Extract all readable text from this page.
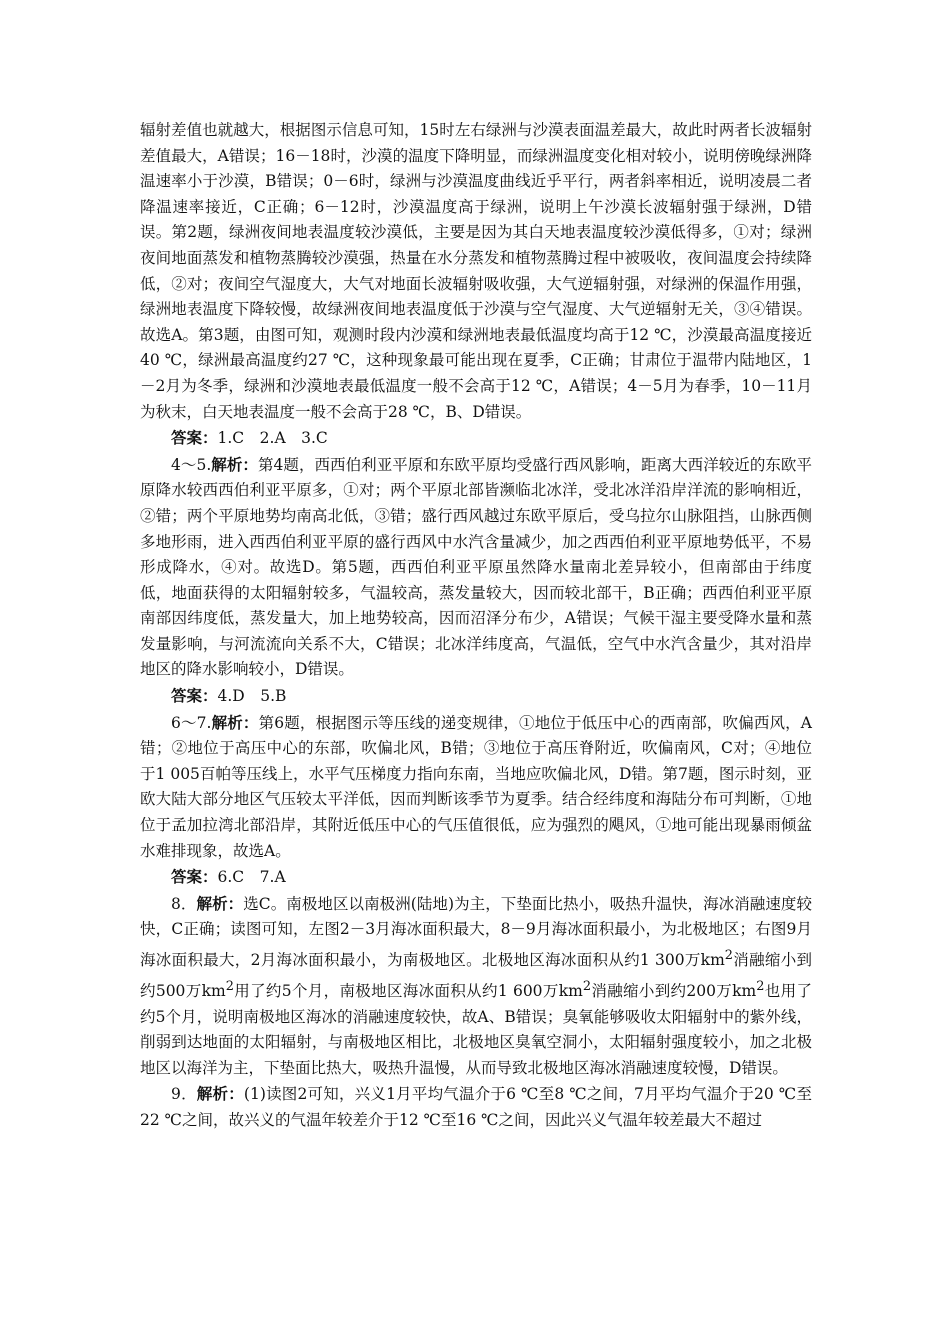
辐射差值也就越大，根据图示信息可知，15时左右绿洲与沙漠表面温差最大，故此时两者长波辐射差值最大，A错误；16－18时，沙漠的温度下降明显，而绿洲温度变化相对较小，说明傍晚绿洲降温速率小于沙漠，B错误；0－6时，绿洲与沙漠温度曲线近乎平行，两者斜率相近，说明凌晨二者降温速率接近，C正确；6－12时，沙漠温度高于绿洲，说明上午沙漠长波辐射强于绿洲，D错误。第2题，绿洲夜间地表温度较沙漠低，主要是因为其白天地表温度较沙漠低得多，①对；绿洲夜间地面蒸发和植物蒸腾较沙漠强，热量在水分蒸发和植物蒸腾过程中被吸收，夜间温度会持续降低，②对；夜间空气湿度大，大气对地面长波辐射吸收强，大气逆辐射强，对绿洲的保温作用强，绿洲地表温度下降较慢，故绿洲夜间地表温度低于沙漠与空气湿度、大气逆辐射无关，③④错误。故选A。第3题，由图可知，观测时段内沙漠和绿洲地表最低温度均高于12 ℃，沙漠最高温度接近40 ℃，绿洲最高温度约27 ℃，这种现象最可能出现在夏季，C正确；甘肃位于温带内陆地区，1－2月为冬季，绿洲和沙漠地表最低温度一般不会高于12 ℃，A错误；4－5月为春季，10－11月为秋末，白天地表温度一般不会高于28 ℃，B、D错误。

答案：1.C　2.A　3.C

4～5.解析：第4题，西西伯利亚平原和东欧平原均受盛行西风影响，距离大西洋较近的东欧平原降水较西西伯利亚平原多，①对；两个平原北部皆濒临北冰洋，受北冰洋沿岸洋流的影响相近，②错；两个平原地势均南高北低，③错；盛行西风越过东欧平原后，受乌拉尔山脉阻挡，山脉西侧多地形雨，进入西西伯利亚平原的盛行西风中水汽含量减少，加之西西伯利亚平原地势低平，不易形成降水，④对。故选D。第5题，西西伯利亚平原虽然降水量南北差异较小，但南部由于纬度低，地面获得的太阳辐射较多，气温较高，蒸发量较大，因而较北部干，B正确；西西伯利亚平原南部因纬度低，蒸发量大，加上地势较高，因而沼泽分布少，A错误；气候干湿主要受降水量和蒸发量影响，与河流流向关系不大，C错误；北冰洋纬度高，气温低，空气中水汽含量少，其对沿岸地区的降水影响较小，D错误。

答案：4.D　5.B

6～7.解析：第6题，根据图示等压线的递变规律，①地位于低压中心的西南部，吹偏西风，A错；②地位于高压中心的东部，吹偏北风，B错；③地位于高压脊附近，吹偏南风，C对；④地位于1 005百帕等压线上，水平气压梯度力指向东南，当地应吹偏北风，D错。第7题，图示时刻，亚欧大陆大部分地区气压较太平洋低，因而判断该季节为夏季。结合经纬度和海陆分布可判断，①地位于孟加拉湾北部沿岸，其附近低压中心的气压值很低，应为强烈的飓风，①地可能出现暴雨倾盆水难排现象，故选A。

答案：6.C　7.A

8．解析：选C。南极地区以南极洲(陆地)为主，下垫面比热小，吸热升温快，海冰消融速度较快，C正确；读图可知，左图2－3月海冰面积最大，8－9月海冰面积最小，为北极地区；右图9月海冰面积最大，2月海冰面积最小，为南极地区。北极地区海冰面积从约1 300万$km^2$消融缩小到约500万$km^2$用了约5个月，南极地区海冰面积从约1 600万$km^2$消融缩小到约200万$km^2$也用了约5个月，说明南极地区海冰的消融速度较快，故A、B错误；臭氧能够吸收太阳辐射中的紫外线，削弱到达地面的太阳辐射，与南极地区相比，北极地区臭氧空洞小，太阳辐射强度较小，加之北极地区以海洋为主，下垫面比热大，吸热升温慢，从而导致北极地区海冰消融速度较慢，D错误。

9．解析：(1)读图2可知，兴义1月平均气温介于6 ℃至8 ℃之间，7月平均气温介于20 ℃至22 ℃之间，故兴义的气温年较差介于12 ℃至16 ℃之间，因此兴义气温年较差最大不超过
